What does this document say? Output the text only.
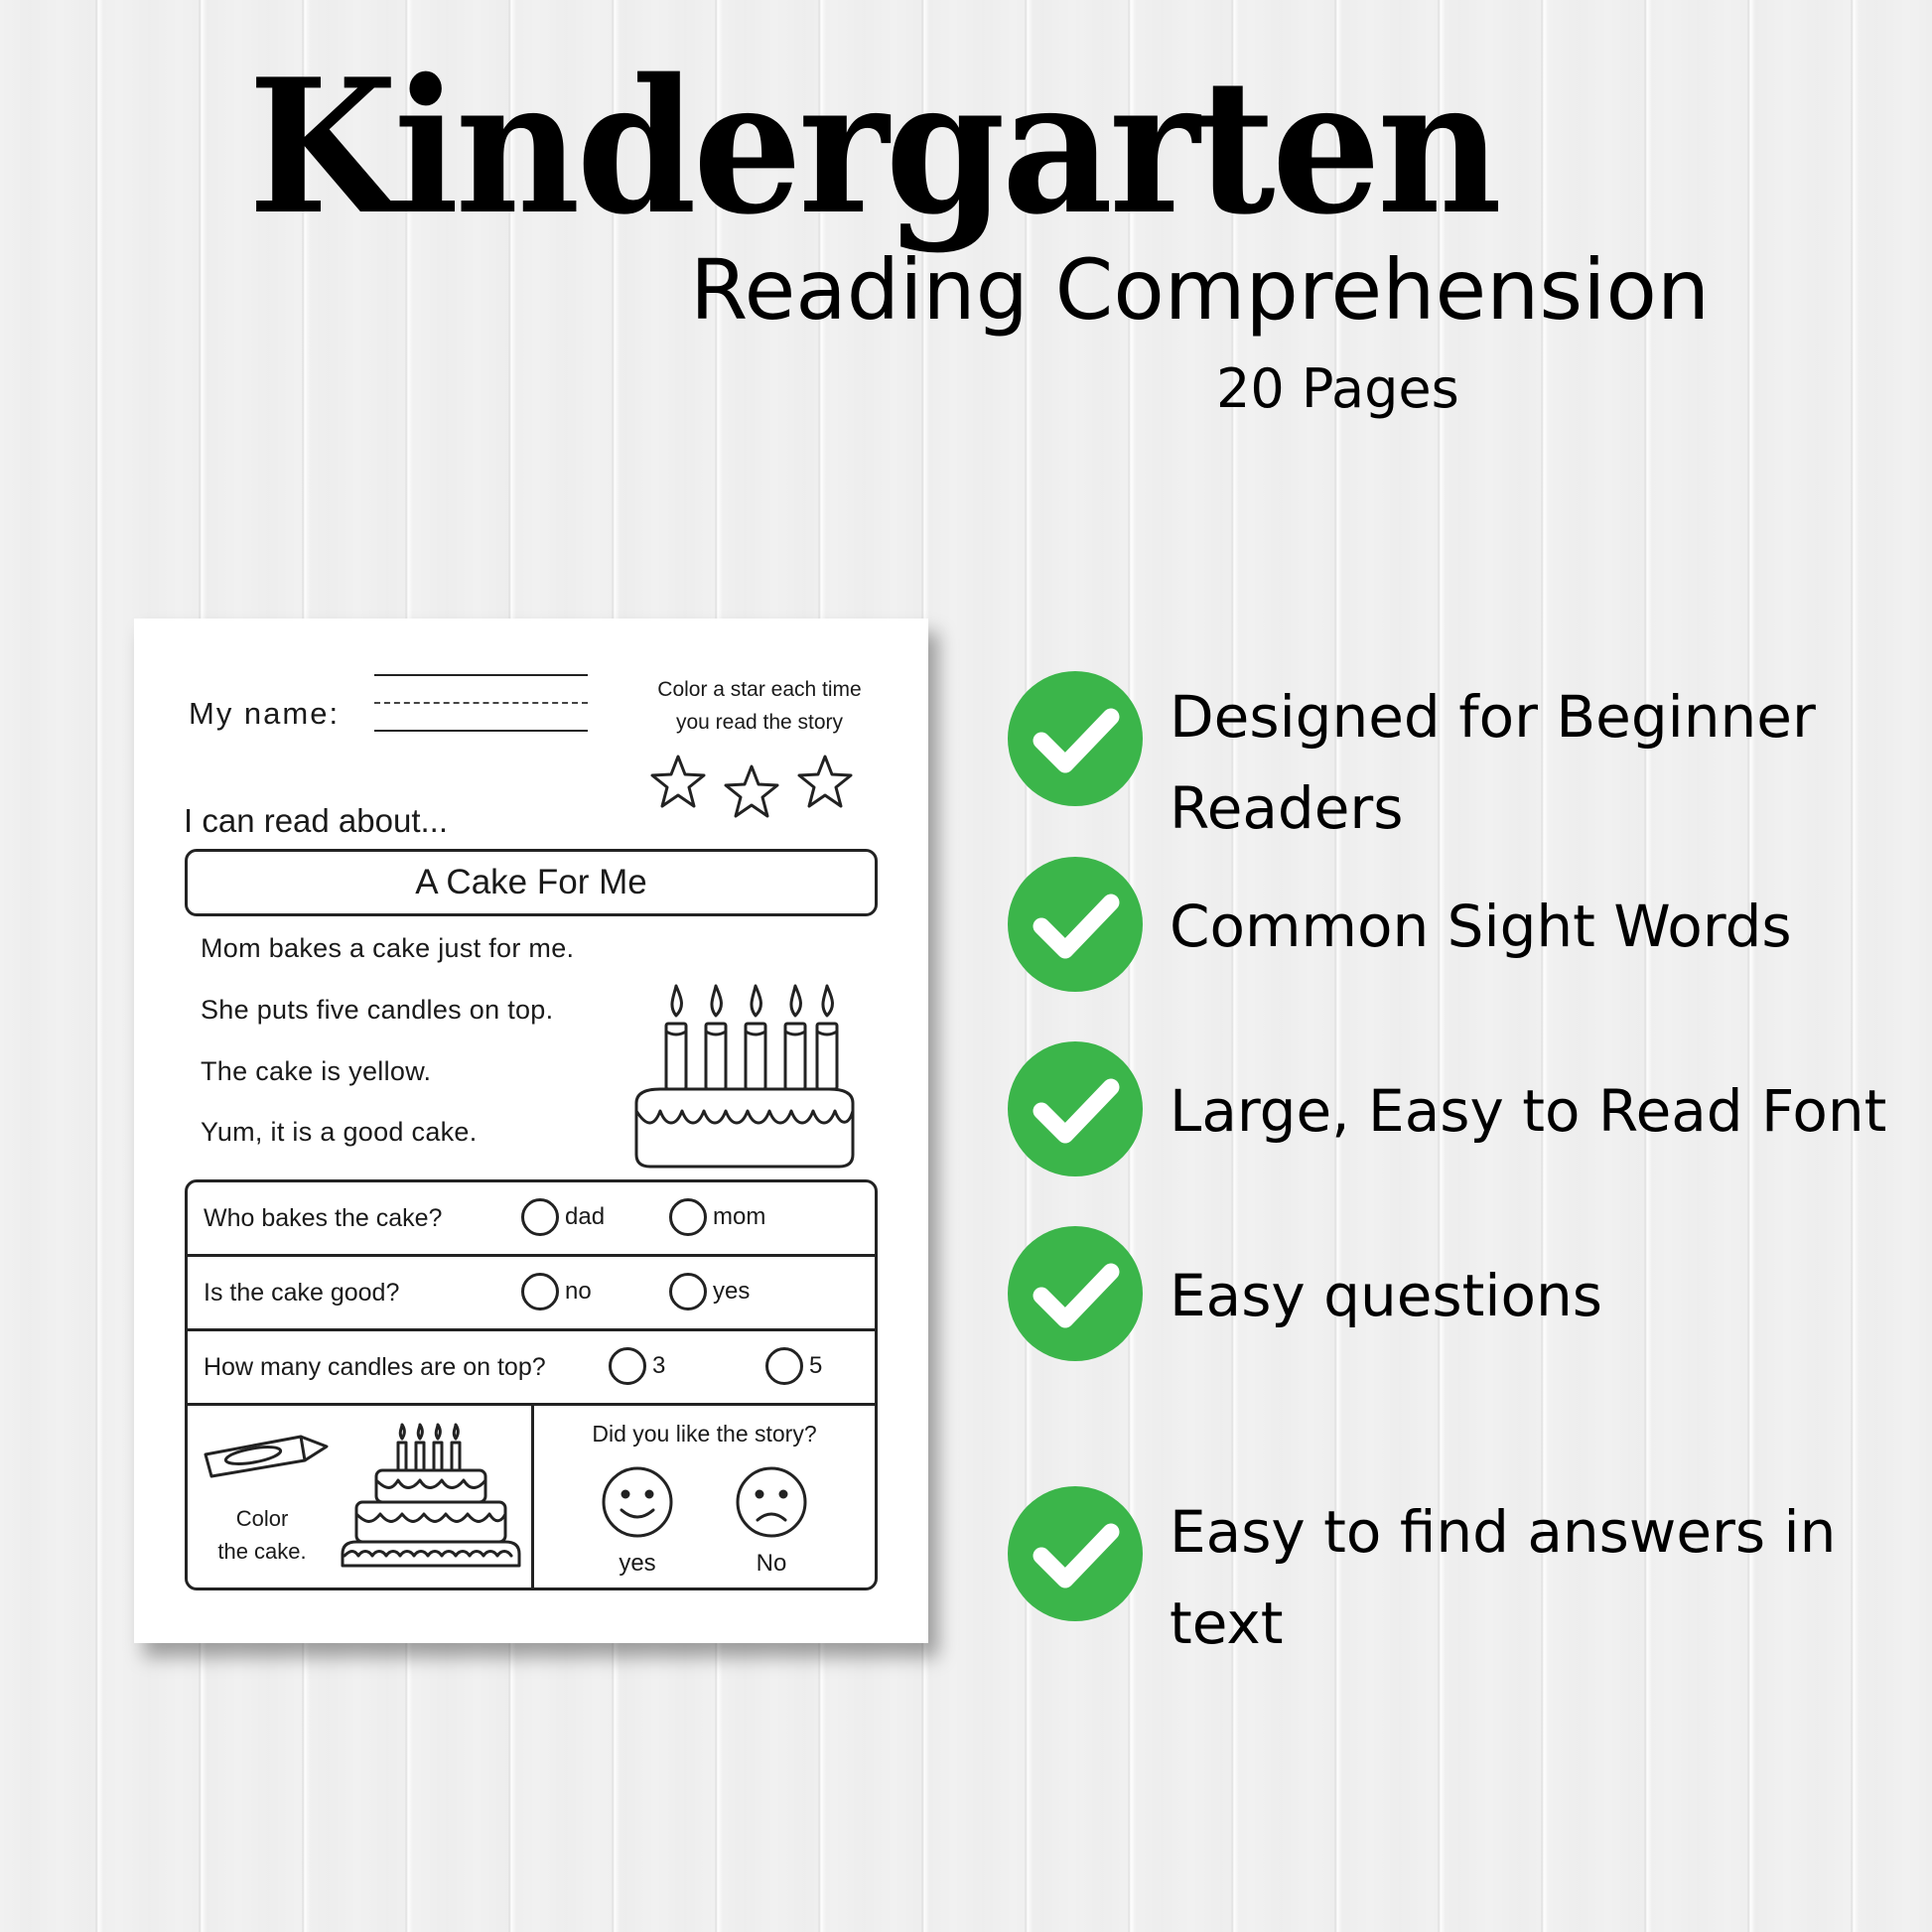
Kindergarten
Reading Comprehension
20 Pages
My name:
Color a star each time
you read the story
I can read about...
A Cake For Me
Mom bakes a cake just for me.
She puts five candles on top.
The cake is yellow.
Yum, it is a good cake.
Who bakes the cake?	dad	mom
Is the cake good?	no	yes
How many candles are on top?	3	5
Color
the cake.
Did you like the story?
yes	No
Designed for Beginner Readers
Common Sight Words
Large, Easy to Read Font
Easy questions
Easy to find answers in text
